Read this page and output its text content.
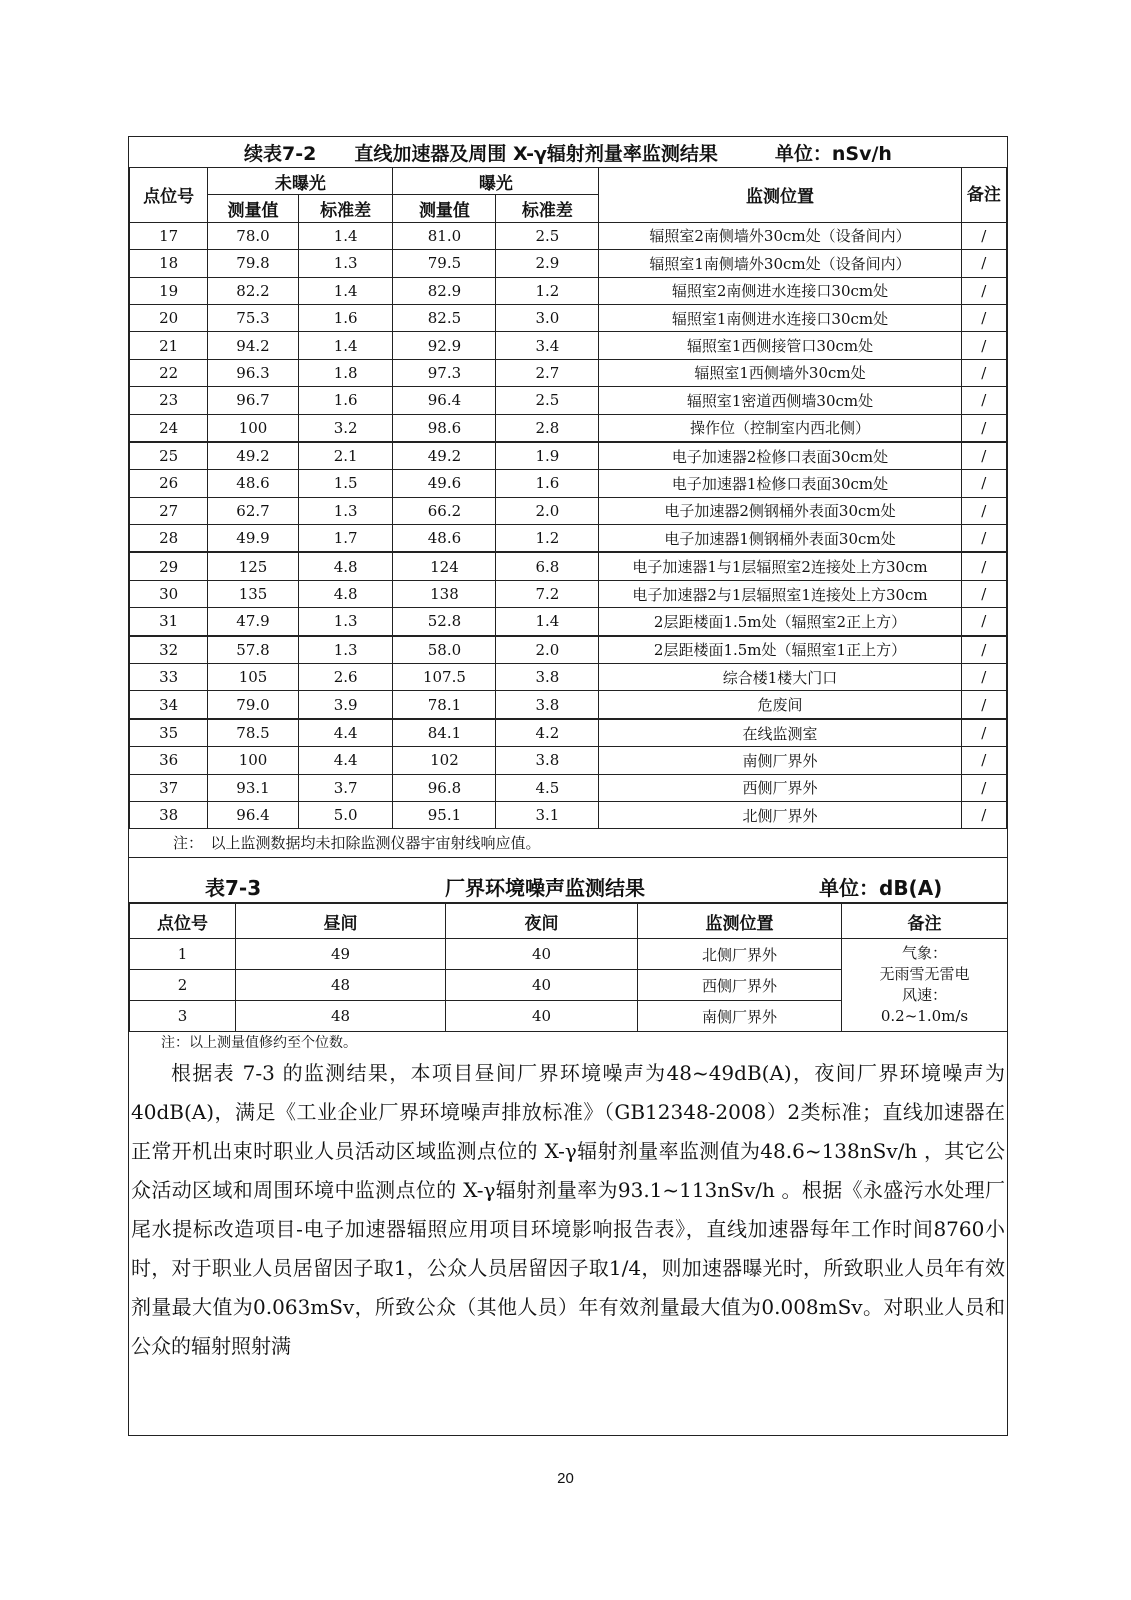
续表7-2　　直线加速器及周围 X-γ辐射剂量率监测结果　　　单位：nSv/h						
点位号	未曝光		曝光		监测位置	备注
	测量值	标准差	测量值	标准差		
17	78.0	1.4	81.0	2.5	辐照室2南侧墙外30cm处（设备间内）	/
18	79.8	1.3	79.5	2.9	辐照室1南侧墙外30cm处（设备间内）	/
19	82.2	1.4	82.9	1.2	辐照室2南侧进水连接口30cm处	/
20	75.3	1.6	82.5	3.0	辐照室1南侧进水连接口30cm处	/
21	94.2	1.4	92.9	3.4	辐照室1西侧接管口30cm处	/
22	96.3	1.8	97.3	2.7	辐照室1西侧墙外30cm处	/
23	96.7	1.6	96.4	2.5	辐照室1密道西侧墙30cm处	/
24	100	3.2	98.6	2.8	操作位（控制室内西北侧）	/
25	49.2	2.1	49.2	1.9	电子加速器2检修口表面30cm处	/
26	48.6	1.5	49.6	1.6	电子加速器1检修口表面30cm处	/
27	62.7	1.3	66.2	2.0	电子加速器2侧钢桶外表面30cm处	/
28	49.9	1.7	48.6	1.2	电子加速器1侧钢桶外表面30cm处	/
29	125	4.8	124	6.8	电子加速器1与1层辐照室2连接处上方30cm	/
30	135	4.8	138	7.2	电子加速器2与1层辐照室1连接处上方30cm	/
31	47.9	1.3	52.8	1.4	2层距楼面1.5m处（辐照室2正上方）	/
32	57.8	1.3	58.0	2.0	2层距楼面1.5m处（辐照室1正上方）	/
33	105	2.6	107.5	3.8	综合楼1楼大门口	/
34	79.0	3.9	78.1	3.8	危废间	/
35	78.5	4.4	84.1	4.2	在线监测室	/
36	100	4.4	102	3.8	南侧厂界外	/
37	93.1	3.7	96.8	4.5	西侧厂界外	/
38	96.4	5.0	95.1	3.1	北侧厂界外	/
注：　以上监测数据均未扣除监测仪器宇宙射线响应值。
表7-3	厂界环境噪声监测结果	单位：dB(A)
点位号	昼间	夜间	监测位置	备注
1	49	40	北侧厂界外	气象：
无雨雪无雷电
风速：
0.2~1.0m/s

2	48	40	西侧厂界外	
3	48	40	南侧厂界外	
注：以上测量值修约至个位数。
根据表 7-3 的监测结果，本项目昼间厂界环境噪声为48~49dB(A)，夜间厂界环境噪声为40dB(A)，满足《工业企业厂界环境噪声排放标准》（GB12348-2008）2类标准；直线加速器在正常开机出束时职业人员活动区域监测点位的 X-γ辐射剂量率监测值为48.6~138nSv/h ，其它公众活动区域和周围环境中监测点位的 X-γ辐射剂量率为93.1~113nSv/h 。根据《永盛污水处理厂尾水提标改造项目-电子加速器辐照应用项目环境影响报告表》，直线加速器每年工作时间8760小时，对于职业人员居留因子取1，公众人员居留因子取1/4，则加速器曝光时，所致职业人员年有效剂量最大值为0.063mSv，所致公众（其他人员）年有效剂量最大值为0.008mSv。对职业人员和公众的辐射照射满
20
